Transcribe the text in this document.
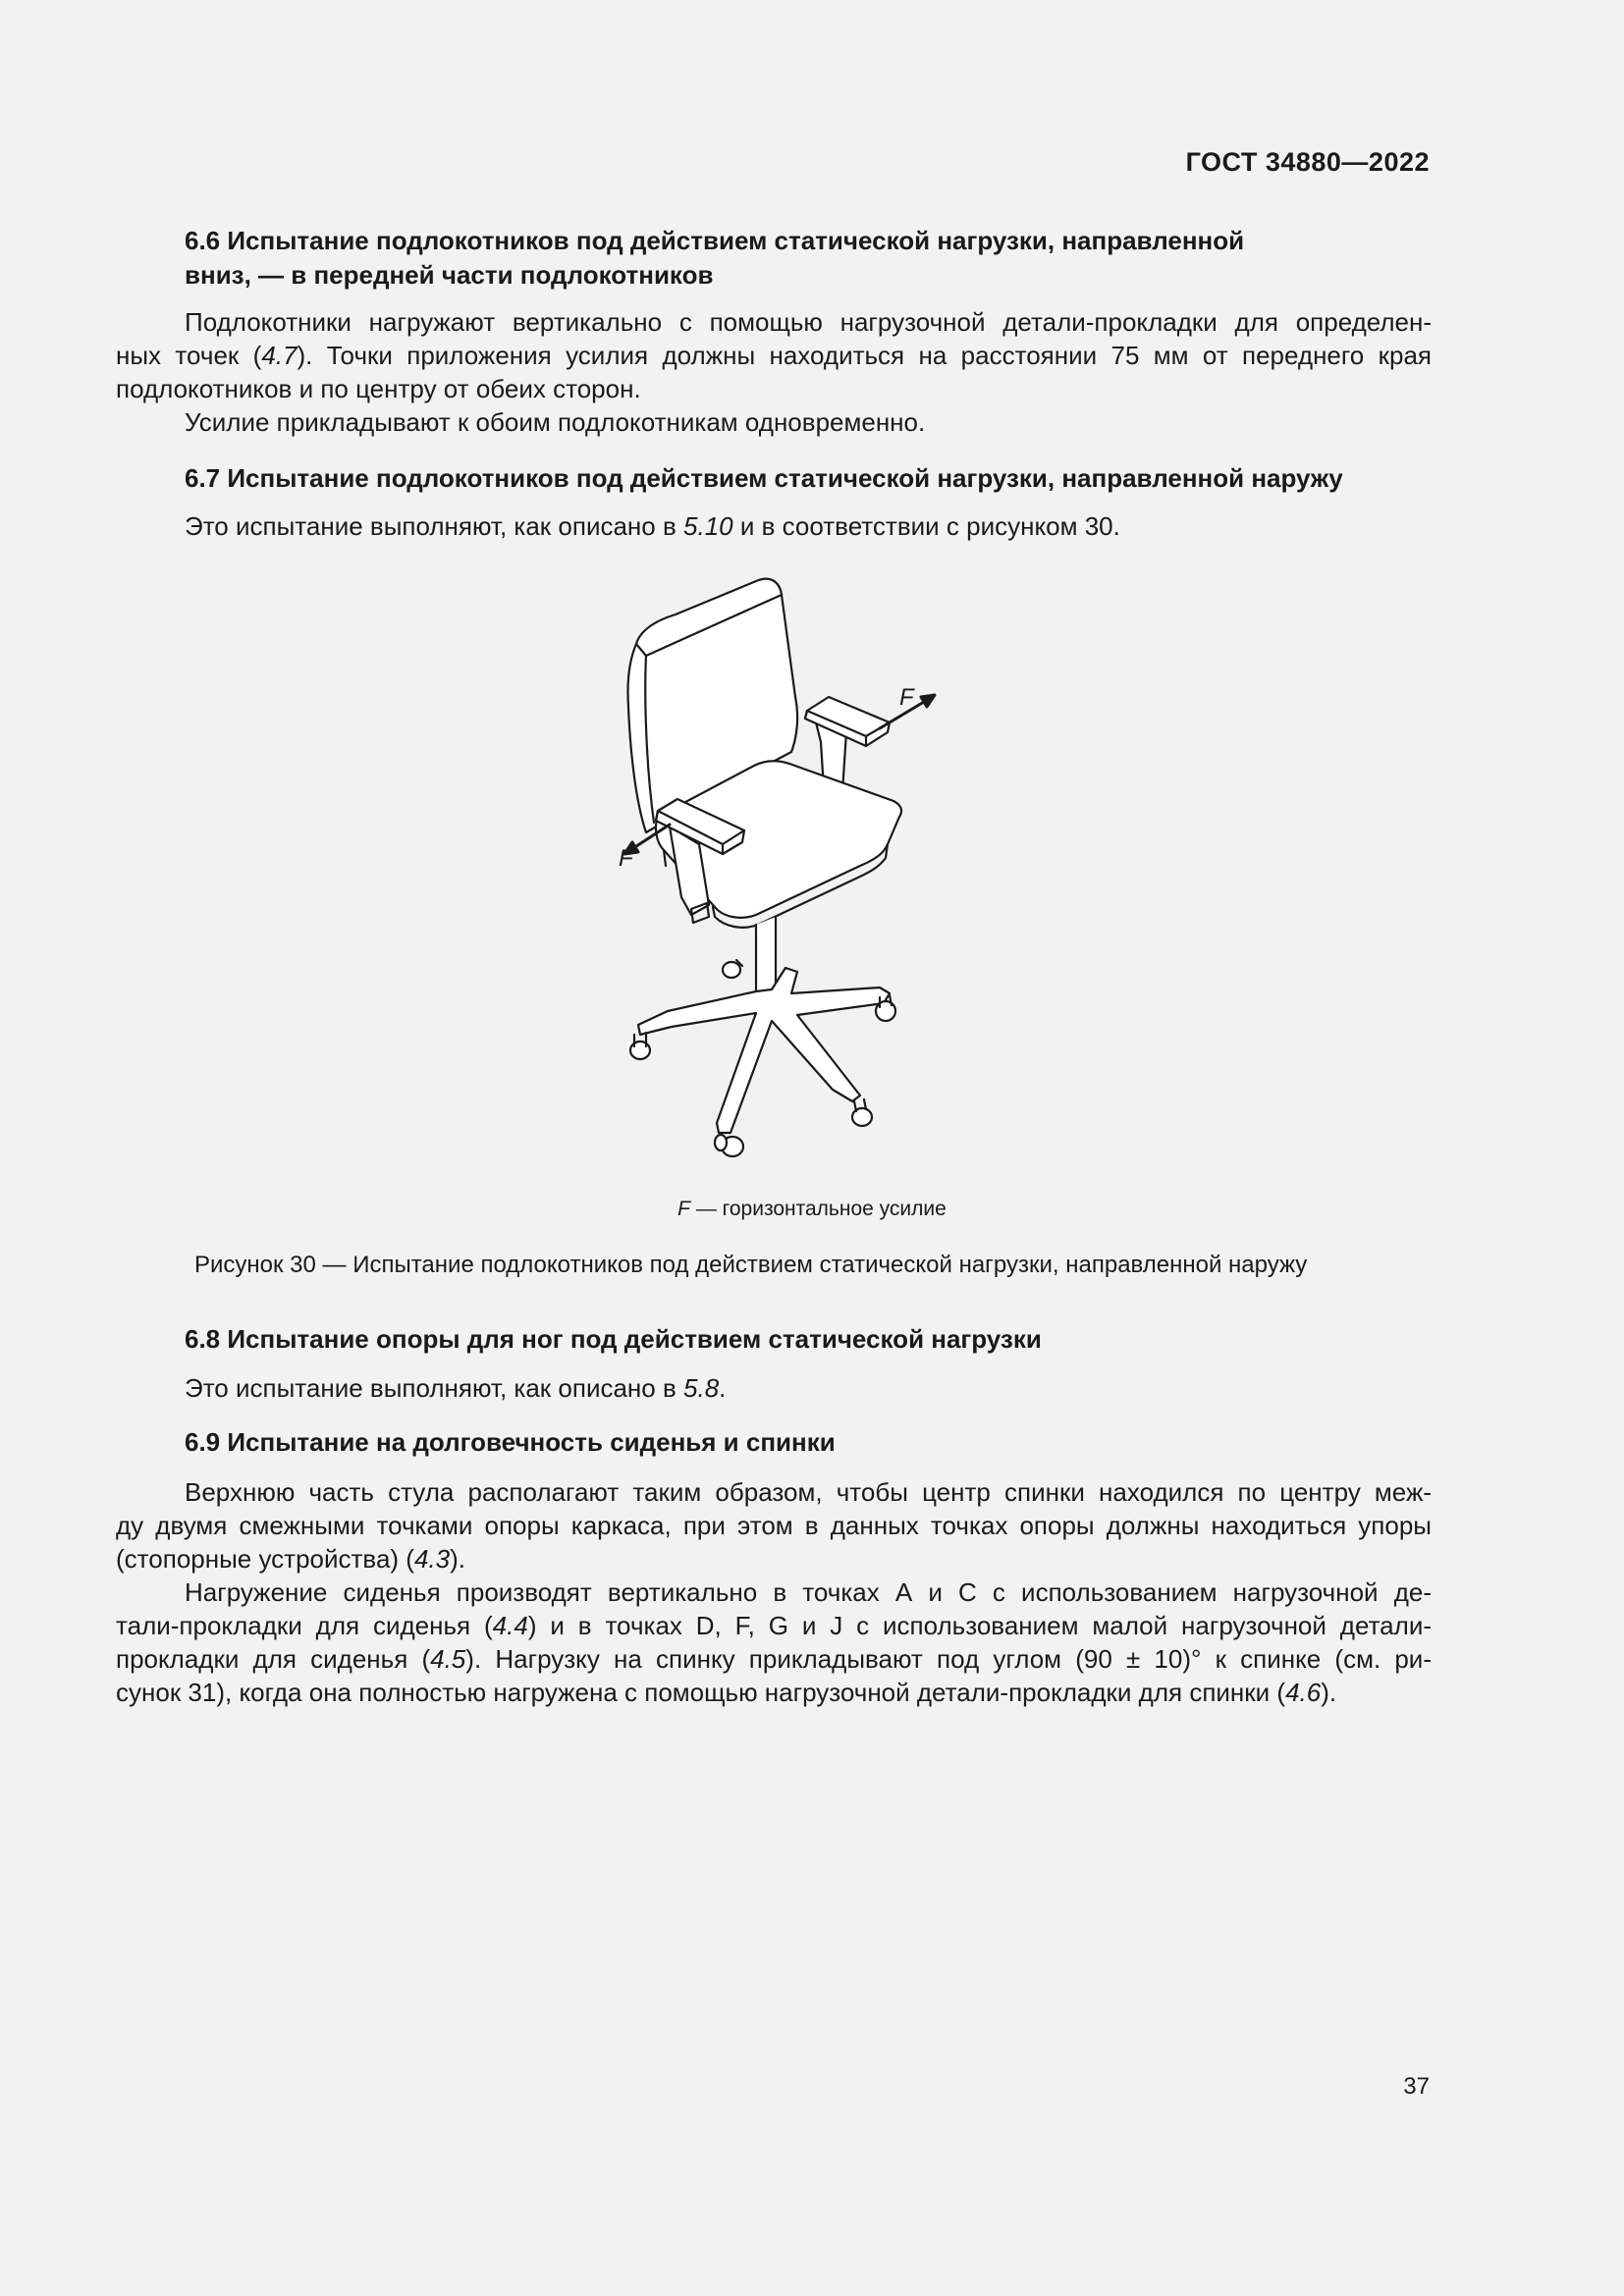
ГОСТ 34880—2022
6.6 Испытание подлокотников под действием статической нагрузки, направленной
вниз, — в передней части подлокотников
Подлокотники нагружают вертикально с помощью нагрузочной детали-прокладки для определен-
ных точек (4.7). Точки приложения усилия должны находиться на расстоянии 75 мм от переднего края
подлокотников и по центру от обеих сторон.
Усилие прикладывают к обоим подлокотникам одновременно.
6.7 Испытание подлокотников под действием статической нагрузки, направленной наружу
Это испытание выполняют, как описано в 5.10 и в соответствии с рисунком 30.
F
F
F — горизонтальное усилие
Рисунок 30 — Испытание подлокотников под действием статической нагрузки, направленной наружу
6.8 Испытание опоры для ног под действием статической нагрузки
Это испытание выполняют, как описано в 5.8.
6.9 Испытание на долговечность сиденья и спинки
Верхнюю часть стула располагают таким образом, чтобы центр спинки находился по центру меж-
ду двумя смежными точками опоры каркаса, при этом в данных точках опоры должны находиться упоры
(стопорные устройства) (4.3).
Нагружение сиденья производят вертикально в точках А и С с использованием нагрузочной де-
тали-прокладки для сиденья (4.4) и в точках D, F, G и J с использованием малой нагрузочной детали-
прокладки для сиденья (4.5). Нагрузку на спинку прикладывают под углом (90 ± 10)° к спинке (см. ри-
сунок 31), когда она полностью нагружена с помощью нагрузочной детали-прокладки для спинки (4.6).
37
